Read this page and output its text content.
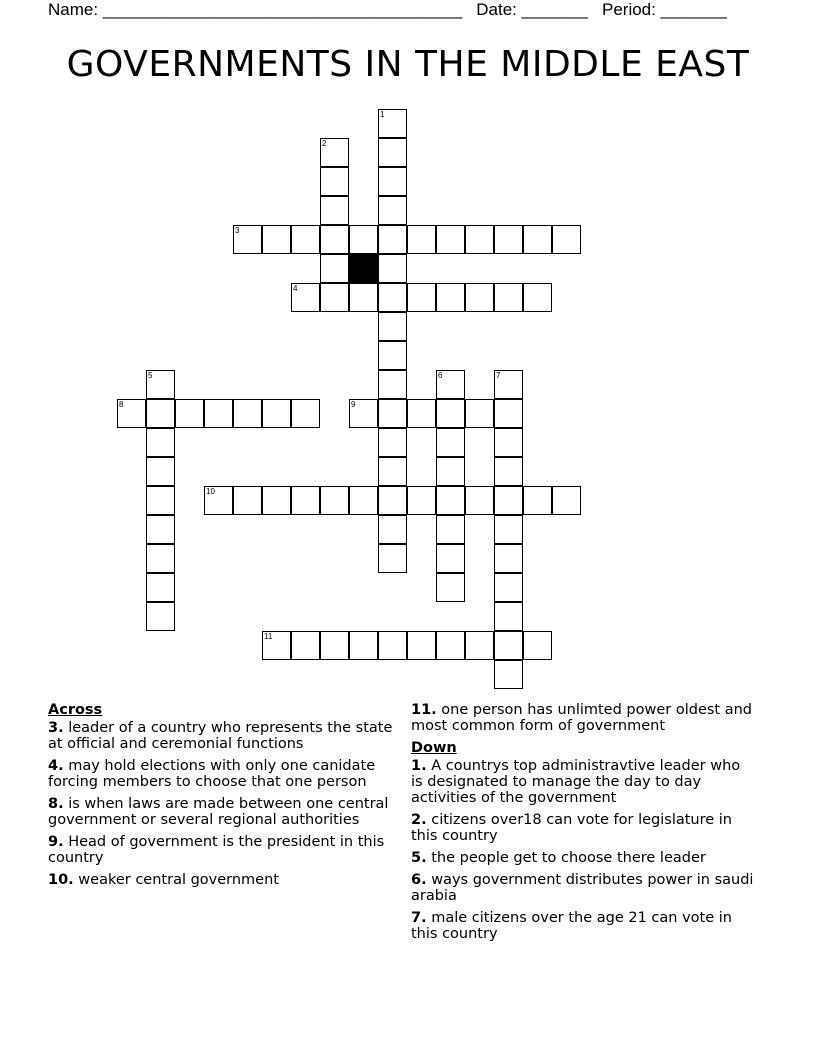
Name: ______________________________________ Date: _______ Period: _______
GOVERNMENTS IN THE MIDDLE EAST
1
2
3
4
5	6	7
8	9
10
11
Across
3. leader of a country who represents the state at official and ceremonial functions
4. may hold elections with only one canidate forcing members to choose that one person
8. is when laws are made between one central government or several regional authorities
9. Head of government is the president in this country
10. weaker central government
11. one person has unlimted power oldest and most common form of government
Down
1. A countrys top administravtive leader who is designated to manage the day to day activities of the government
2. citizens over18 can vote for legislature in this country
5. the people get to choose there leader
6. ways government distributes power in saudi arabia
7. male citizens over the age 21 can vote in this country
